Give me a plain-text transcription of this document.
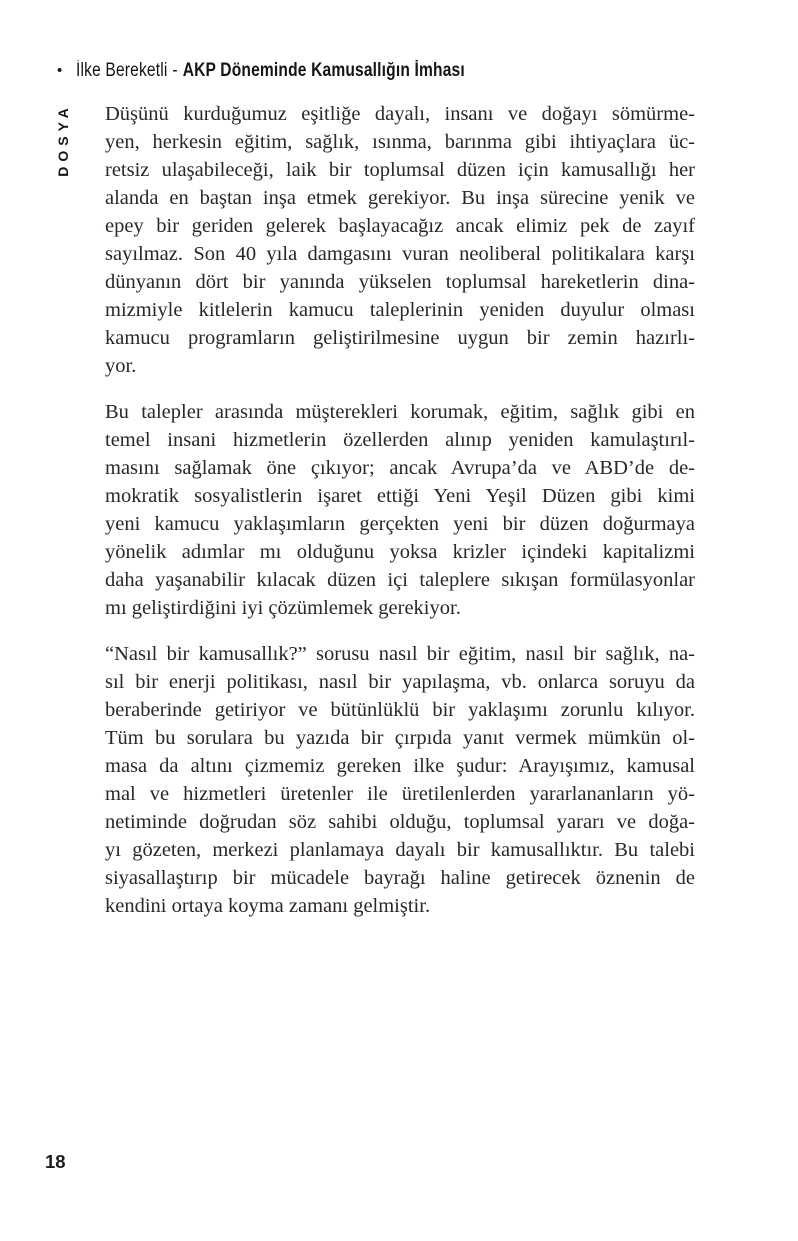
• İlke Bereketli - AKP Döneminde Kamusallığın İmhası
DOSYA Düşünü kurduğumuz eşitliğe dayalı, insanı ve doğayı sömürme-
yen, herkesin eğitim, sağlık, ısınma, barınma gibi ihtiyaçlara üc-
retsiz ulaşabileceği, laik bir toplumsal düzen için kamusallığı her
alanda en baştan inşa etmek gerekiyor. Bu inşa sürecine yenik ve
epey bir geriden gelerek başlayacağız ancak elimiz pek de zayıf
sayılmaz. Son 40 yıla damgasını vuran neoliberal politikalara karşı
dünyanın dört bir yanında yükselen toplumsal hareketlerin dina-
mizmiyle kitlelerin kamucu taleplerinin yeniden duyulur olması
kamucu programların geliştirilmesine uygun bir zemin hazırlı-
yor.
Bu talepler arasında müşterekleri korumak, eğitim, sağlık gibi en
temel insani hizmetlerin özellerden alınıp yeniden kamulaştırıl-
masını sağlamak öne çıkıyor; ancak Avrupa’da ve ABD’de de-
mokratik sosyalistlerin işaret ettiği Yeni Yeşil Düzen gibi kimi
yeni kamucu yaklaşımların gerçekten yeni bir düzen doğurmaya
yönelik adımlar mı olduğunu yoksa krizler içindeki kapitalizmi
daha yaşanabilir kılacak düzen içi taleplere sıkışan formülasyonlar
mı geliştirdiğini iyi çözümlemek gerekiyor.
“Nasıl bir kamusallık?” sorusu nasıl bir eğitim, nasıl bir sağlık, na-
sıl bir enerji politikası, nasıl bir yapılaşma, vb. onlarca soruyu da
beraberinde getiriyor ve bütünlüklü bir yaklaşımı zorunlu kılıyor.
Tüm bu sorulara bu yazıda bir çırpıda yanıt vermek mümkün ol-
masa da altını çizmemiz gereken ilke şudur: Arayışımız, kamusal
mal ve hizmetleri üretenler ile üretilenlerden yararlananların yö-
netiminde doğrudan söz sahibi olduğu, toplumsal yararı ve doğa-
yı gözeten, merkezi planlamaya dayalı bir kamusallıktır. Bu talebi
siyasallaştırıp bir mücadele bayrağı haline getirecek öznenin de
kendini ortaya koyma zamanı gelmiştir.
18
